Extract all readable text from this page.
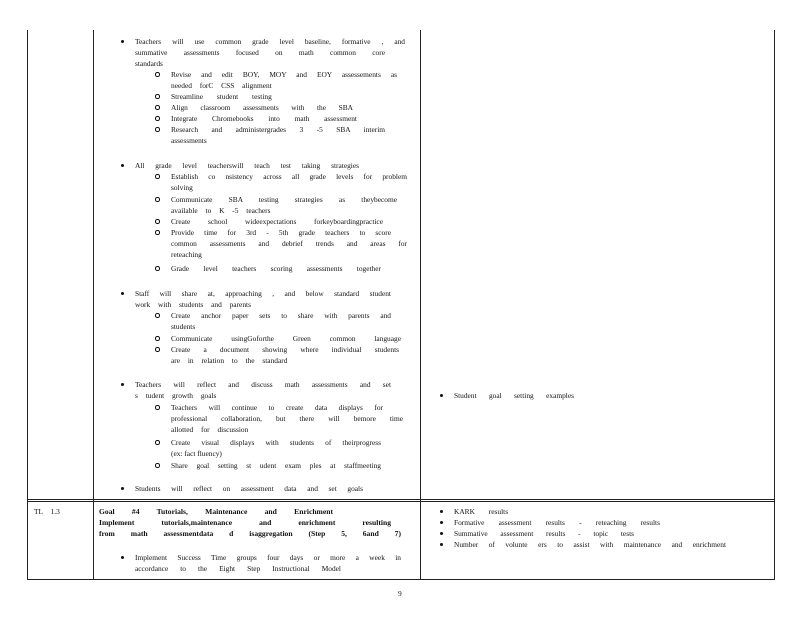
Teachers will use common grade level baseline, formative , and
summative assessments focused on math common core
standards
Revise and edit BOY, MOY and EOY assessements as
needed forC CSS alignment
Streamline student testing
Align classroom assessments with the SBA
Integrate Chromebooks into math assessment
Research and administergrades 3 -5 SBA interim
assessments
All grade level teacherswill teach test taking strategies
Establish co nsistency across all grade levels for problem
solving
Communicate SBA testing strategies as theybecome
available to K -5 teachers
Create school wideexpectations forkeyboardingpractice
Provide time for 3rd - 5th grade teachers to score
common assessments and debrief trends and areas for
reteaching
Grade level teachers scoring assessments together
Staff will share at, approaching , and below standard student
work with students and parents
Create anchor paper sets to share with parents and
students
Communicate usingGoforthe Green common language
Create a document showing where individual students
are in relation to the standard
Teachers will reflect and discuss math assessments and set
s tudent growth goals
Teachers will continue to create data displays for
professional collaboration, but there will bemore time
allotted for discussion
Create visual displays with students of theirprogress
(ex: fact fluency)
Share goal setting st udent exam ples at staffmeeting
Students will reflect on assessment data and set goals
Student goal setting examples
TL 1.3	Goal #4 Tutorials, Maintenance and Enrichment
Implement tutorials,maintenance and enrichment resulting
from math assessmentdata d isaggregation (Step 5, 6and 7)
Implement Success Time groups four days or more a week in
accordance to the Eight Step Instructional Model
KARK results
Formative assessment results - reteaching results
Summative assessment results - topic tests
Number of volunte ers to assist with maintenance and enrichment
9
